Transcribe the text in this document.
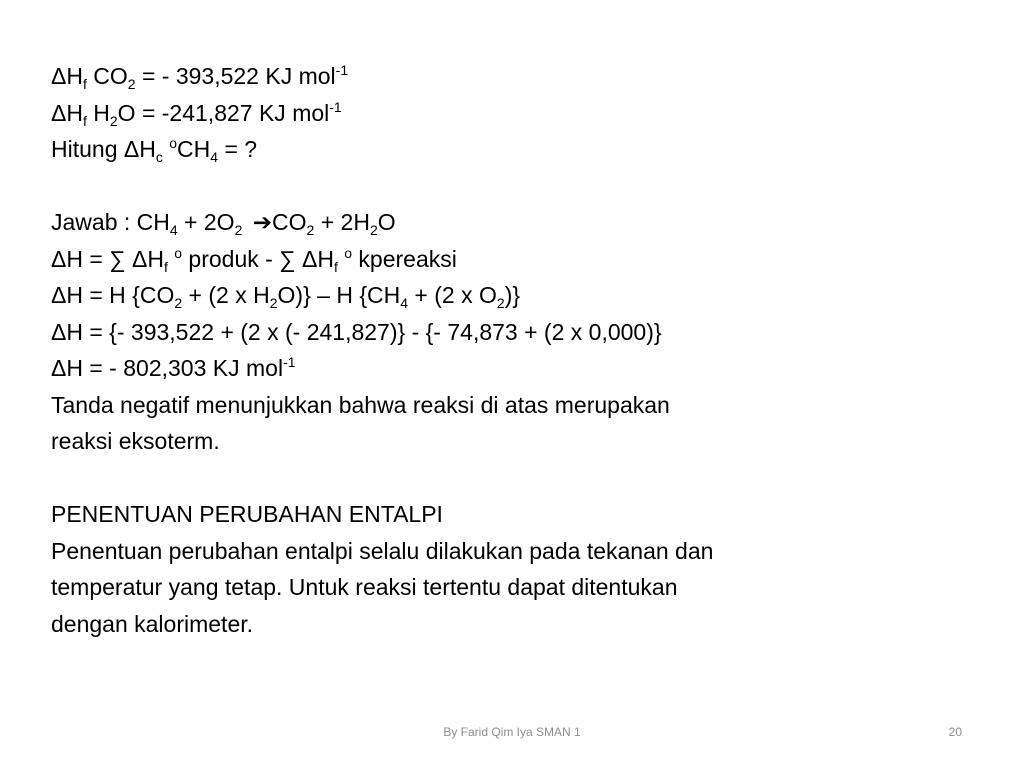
$\Delta H_f$ $CO_2$ = - 393,522 KJ mol$^{-1}$
$\Delta H_f$ $H_2O = -241,827$ KJ mol$^{-1}$
Hitung $\Delta H_c$ $^oCH_4$ = ?
Jawab : $CH_4 + 2O_2$ $➔CO_2 + 2H_2O$
ΔH = ∑ $\Delta H_f$ $^o$ produk - ∑ $\Delta H_f$ $^o$ kpereaksi
ΔH = H {$CO_2 + (2$ x $H_2O$)} – H {$CH_4 + (2$ x $O_2$)}
ΔH = {- 393,522 + (2 x (- 241,827)} - {- 74,873 + (2 x 0,000)}
ΔH = - 802,303 KJ mol$^{-1}$
Tanda negatif menunjukkan bahwa reaksi di atas merupakan
reaksi eksoterm.
PENENTUAN PERUBAHAN ENTALPI
Penentuan perubahan entalpi selalu dilakukan pada tekanan dan
temperatur yang tetap. Untuk reaksi tertentu dapat ditentukan
dengan kalorimeter.
By Farid Qim Iya SMAN 1	20
